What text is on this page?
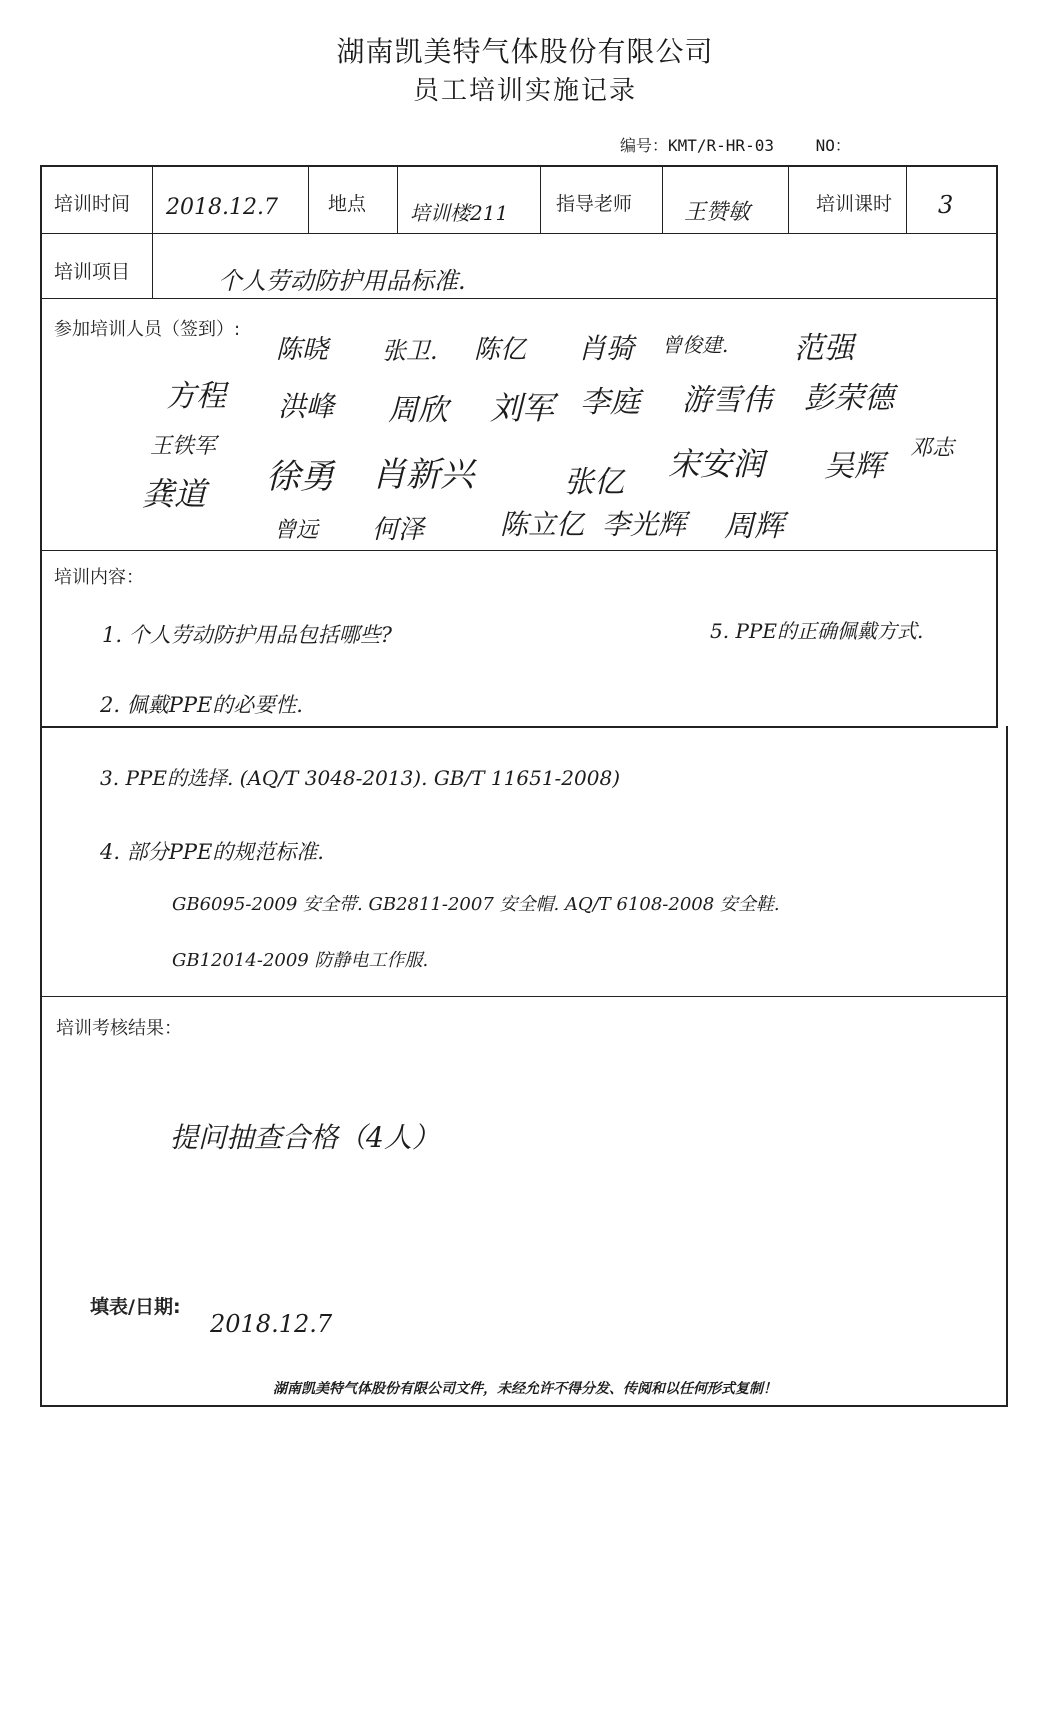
湖南凯美特气体股份有限公司
员工培训实施记录
编号：KMT/R-HR-03	NO：
培训时间 2018.12.7	地点 培训楼211	指导老师 王赞敏	培训课时 3
培训项目	个人劳动防护用品标准.
参加培训人员（签到）:
陈晓 张卫. 陈亿 肖骑 曾俊建. 范强
方程 洪峰 周欣 刘军 李庭 游雪伟 彭荣德
王铁军
龚道 徐勇 肖新兴	张亿 宋安润 吴辉
邓志
曾远 何泽	陈立亿 李光辉 周辉
培训内容：
1. 个人劳动防护用品包括哪些?	5. PPE的正确佩戴方式.
2. 佩戴PPE的必要性.
3. PPE的选择. (AQ/T 3048-2013). GB/T 11651-2008)
4. 部分PPE的规范标准.
GB6095-2009 安全带. GB2811-2007 安全帽. AQ/T 6108-2008 安全鞋.
GB12014-2009 防静电工作服.
培训考核结果：
提问抽查合格（4人）
填表/日期:
2018.12.7
湖南凯美特气体股份有限公司文件，未经允许不得分发、传阅和以任何形式复制！
